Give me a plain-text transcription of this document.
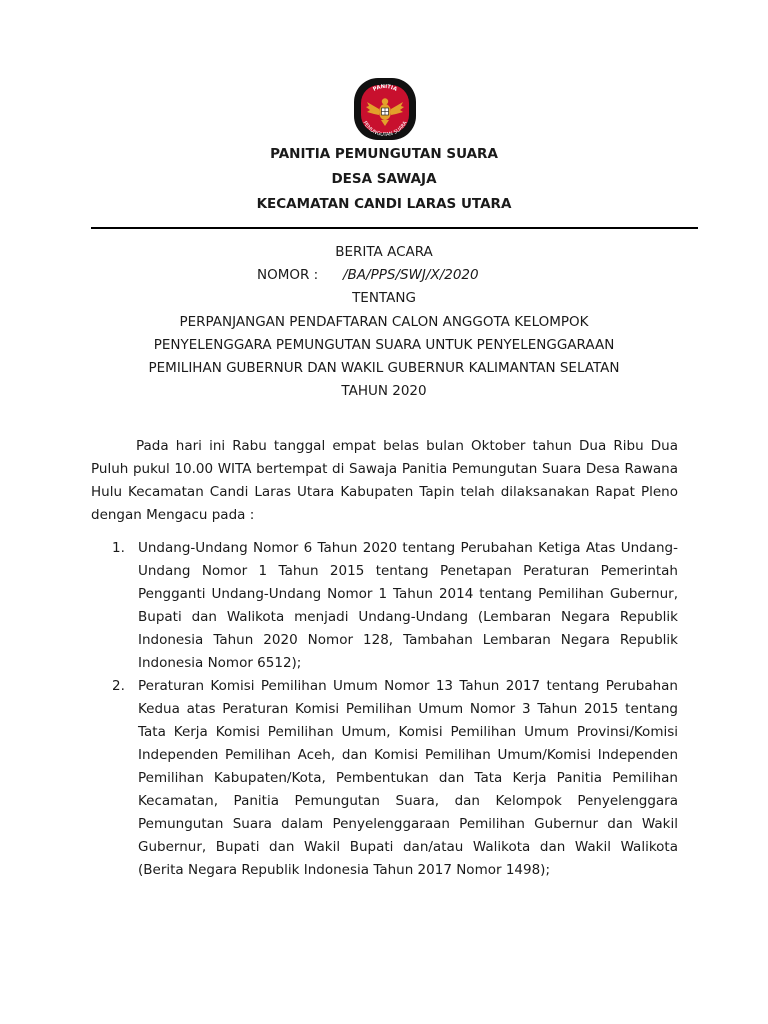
PANITIA
PEMUNGUTAN SUARA
PANITIA PEMUNGUTAN SUARA
DESA SAWAJA
KECAMATAN CANDI LARAS UTARA
BERITA ACARA
NOMOR : /BA/PPS/SWJ/X/2020
TENTANG
PERPANJANGAN PENDAFTARAN CALON ANGGOTA KELOMPOK
PENYELENGGARA PEMUNGUTAN SUARA UNTUK PENYELENGGARAAN
PEMILIHAN GUBERNUR DAN WAKIL GUBERNUR KALIMANTAN SELATAN
TAHUN 2020
Pada hari ini Rabu tanggal empat belas bulan Oktober tahun Dua Ribu Dua Puluh pukul 10.00 WITA bertempat di Sawaja Panitia Pemungutan Suara Desa Rawana Hulu Kecamatan Candi Laras Utara Kabupaten Tapin telah dilaksanakan Rapat Pleno dengan Mengacu pada :
1. Undang-Undang Nomor 6 Tahun 2020 tentang Perubahan Ketiga Atas Undang-Undang Nomor 1 Tahun 2015 tentang Penetapan Peraturan Pemerintah Pengganti Undang-Undang Nomor 1 Tahun 2014 tentang Pemilihan Gubernur, Bupati dan Walikota menjadi Undang-Undang (Lembaran Negara Republik Indonesia Tahun 2020 Nomor 128, Tambahan Lembaran Negara Republik Indonesia Nomor 6512);
2. Peraturan Komisi Pemilihan Umum Nomor 13 Tahun 2017 tentang Perubahan Kedua atas Peraturan Komisi Pemilihan Umum Nomor 3 Tahun 2015 tentang Tata Kerja Komisi Pemilihan Umum, Komisi Pemilihan Umum Provinsi/Komisi Independen Pemilihan Aceh, dan Komisi Pemilihan Umum/Komisi Independen Pemilihan Kabupaten/Kota, Pembentukan dan Tata Kerja Panitia Pemilihan Kecamatan, Panitia Pemungutan Suara, dan Kelompok Penyelenggara Pemungutan Suara dalam Penyelenggaraan Pemilihan Gubernur dan Wakil Gubernur, Bupati dan Wakil Bupati dan/atau Walikota dan Wakil Walikota (Berita Negara Republik Indonesia Tahun 2017 Nomor 1498);
